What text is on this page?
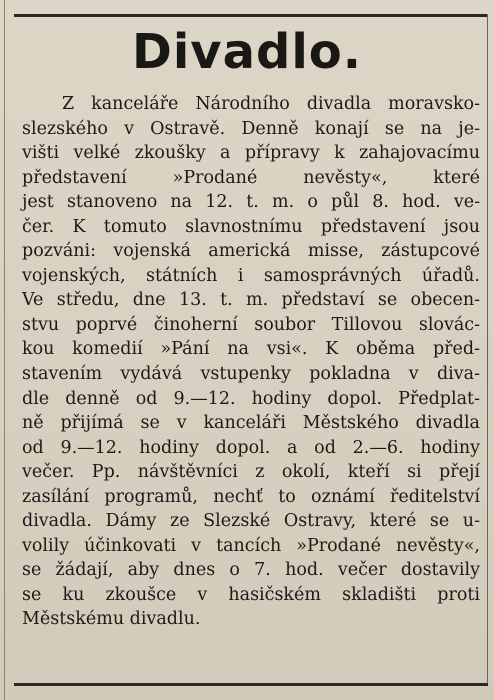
Divadlo.
Z kanceláře Národního divadla moravsko-
slezského v Ostravě. Denně konají se na je-
višti velké zkoušky a přípravy k zahajovacímu
představení »Prodané nevěsty«, které
jest stanoveno na 12. t. m. o půl 8. hod. ve-
čer. K tomuto slavnostnímu představení jsou
pozváni: vojenská americká misse, zástupcové
vojenských, státních i samosprávných úřadů.
Ve středu, dne 13. t. m. představí se obecen-
stvu poprvé činoherní soubor Tillovou slovác-
kou komedií »Pání na vsi«. K oběma před-
stavením vydává vstupenky pokladna v diva-
dle denně od 9.—12. hodiny dopol. Předplat-
ně přijímá se v kanceláři Městského divadla
od 9.—12. hodiny dopol. a od 2.—6. hodiny
večer. Pp. návštěvníci z okolí, kteří si přejí
zasílání programů, nechť to oznámí ředitelství
divadla. Dámy ze Slezské Ostravy, které se u-
volily účinkovati v tancích »Prodané nevěsty«,
se žádají, aby dnes o 7. hod. večer dostavily
se ku zkoušce v hasičském skladišti proti
Městskému divadlu.
